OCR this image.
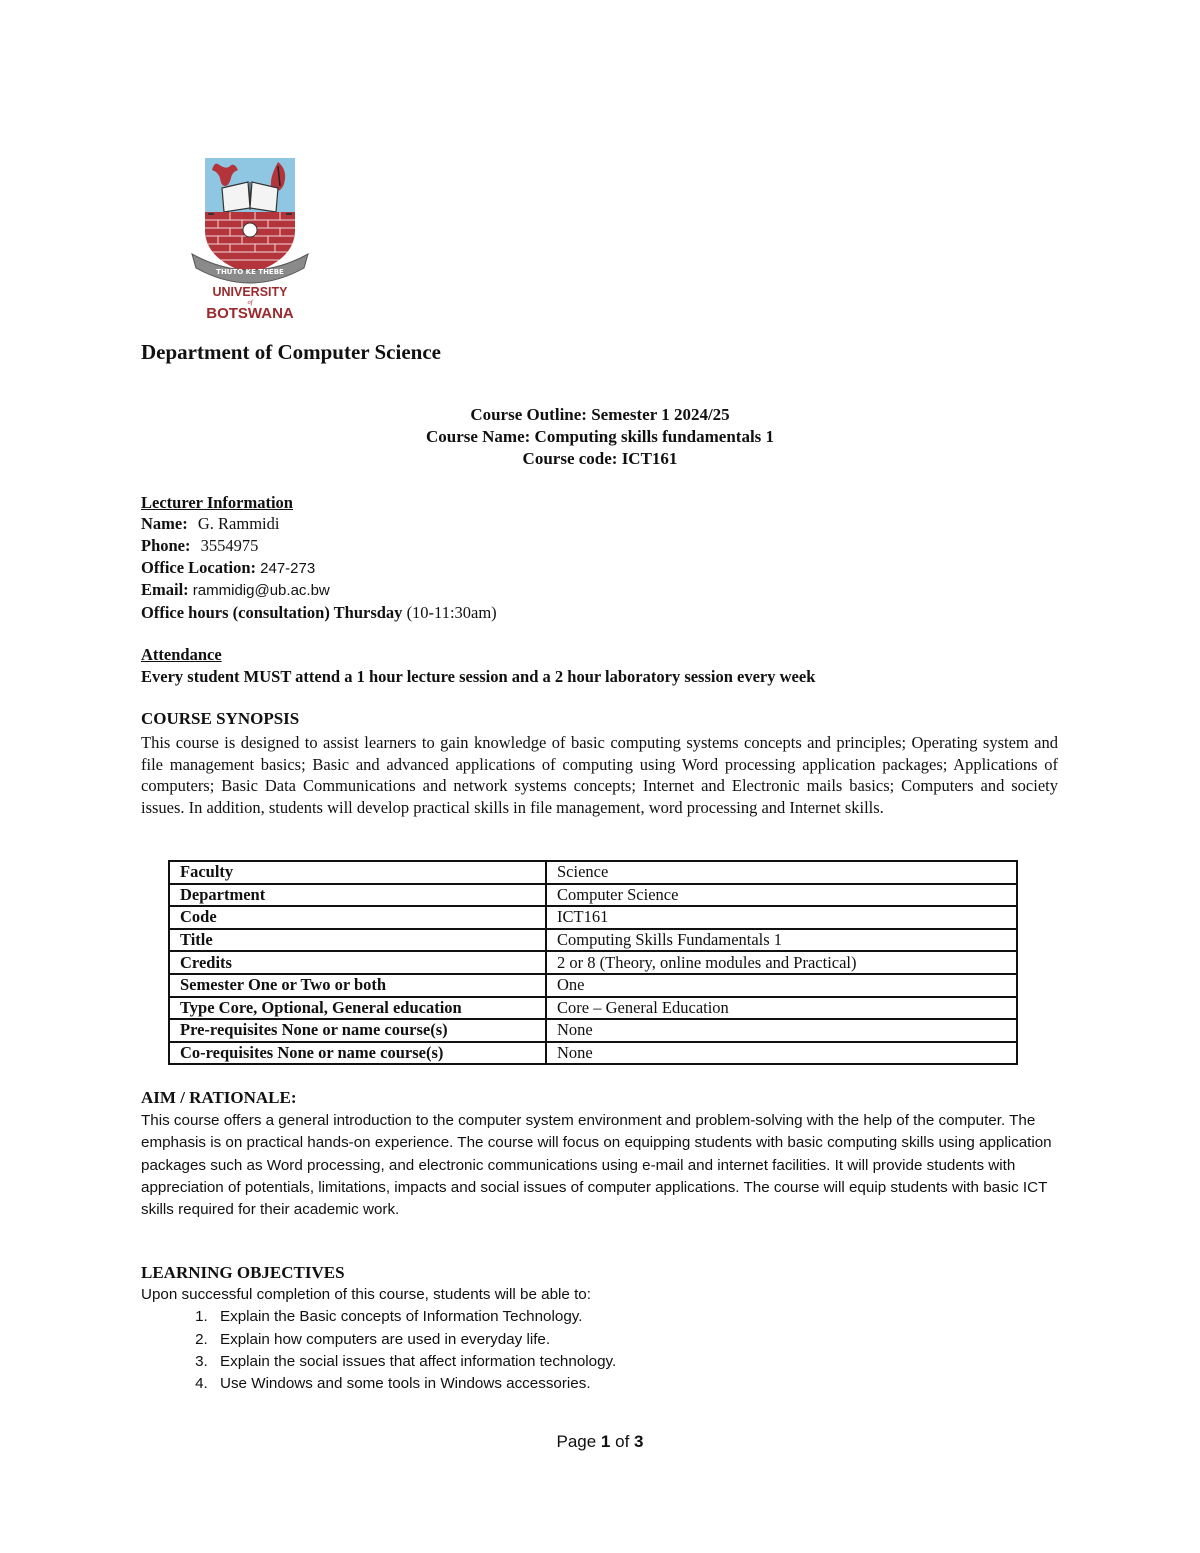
THUTO KE THEBE
UNIVERSITY
of
BOTSWANA
Department of Computer Science
Course Outline: Semester 1 2024/25
Course Name: Computing skills fundamentals 1
Course code: ICT161
Lecturer Information
Name: G. Rammidi
Phone: 3554975
Office Location: 247-273
Email: rammidig@ub.ac.bw
Office hours (consultation) Thursday (10-11:30am)
Attendance
Every student MUST attend a 1 hour lecture session and a 2 hour laboratory session every week
COURSE SYNOPSIS
This course is designed to assist learners to gain knowledge of basic computing systems concepts and principles; Operating system and file management basics; Basic and advanced applications of computing using Word processing application packages; Applications of computers; Basic Data Communications and network systems concepts; Internet and Electronic mails basics; Computers and society issues. In addition, students will develop practical skills in file management, word processing and Internet skills.
Faculty	Science
Department	Computer Science
Code	ICT161
Title	Computing Skills Fundamentals 1
Credits	2 or 8 (Theory, online modules and Practical)
Semester One or Two or both	One
Type Core, Optional, General education	Core – General Education
Pre-requisites None or name course(s)	None
Co-requisites None or name course(s)	None
AIM / RATIONALE:
This course offers a general introduction to the computer system environment and problem-solving with the help of the computer. The emphasis is on practical hands-on experience. The course will focus on equipping students with basic computing skills using application packages such as Word processing, and electronic communications using e-mail and internet facilities. It will provide students with appreciation of potentials, limitations, impacts and social issues of computer applications. The course will equip students with basic ICT skills required for their academic work.
LEARNING OBJECTIVES
Upon successful completion of this course, students will be able to:
1. Explain the Basic concepts of Information Technology.
2. Explain how computers are used in everyday life.
3. Explain the social issues that affect information technology.
4. Use Windows and some tools in Windows accessories.
Page 1 of 3
